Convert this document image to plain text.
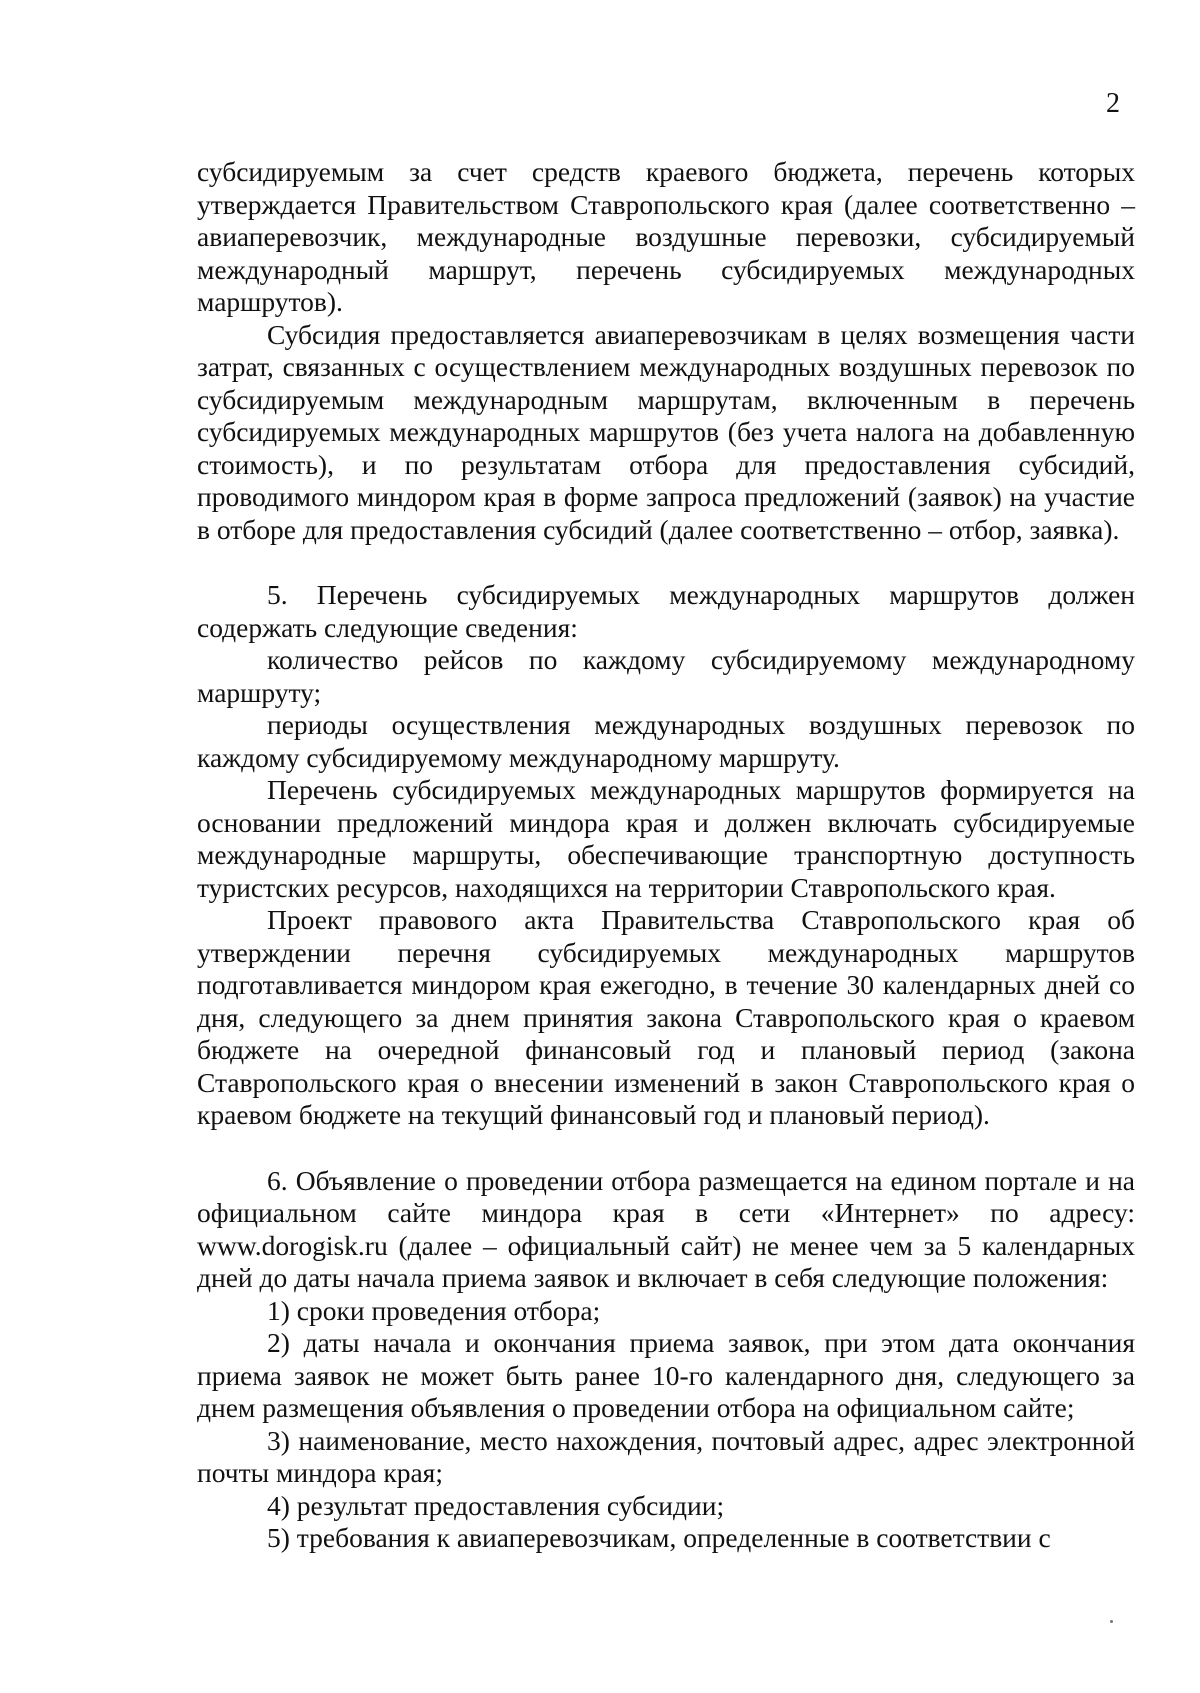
2

субсидируемым за счет средств краевого бюджета, перечень которых утверждается Правительством Ставропольского края (далее соответственно – авиаперевозчик, международные воздушные перевозки, субсидируемый международный маршрут, перечень субсидируемых международных маршрутов).

Субсидия предоставляется авиаперевозчикам в целях возмещения части затрат, связанных с осуществлением международных воздушных перевозок по субсидируемым международным маршрутам, включенным в перечень субсидируемых международных маршрутов (без учета налога на добавленную стоимость), и по результатам отбора для предоставления субсидий, проводимого миндором края в форме запроса предложений (заявок) на участие в отборе для предоставления субсидий (далее соответственно – отбор, заявка).

5. Перечень субсидируемых международных маршрутов должен содержать следующие сведения:

количество рейсов по каждому субсидируемому международному маршруту;

периоды осуществления международных воздушных перевозок по каждому субсидируемому международному маршруту.

Перечень субсидируемых международных маршрутов формируется на основании предложений миндора края и должен включать субсидируемые международные маршруты, обеспечивающие транспортную доступность туристских ресурсов, находящихся на территории Ставропольского края.

Проект правового акта Правительства Ставропольского края об утверждении перечня субсидируемых международных маршрутов подготавливается миндором края ежегодно, в течение 30 календарных дней со дня, следующего за днем принятия закона Ставропольского края о краевом бюджете на очередной финансовый год и плановый период (закона Ставропольского края о внесении изменений в закон Ставропольского края о краевом бюджете на текущий финансовый год и плановый период).

6. Объявление о проведении отбора размещается на едином портале и на официальном сайте миндора края в сети «Интернет» по адресу: www.dorogisk.ru (далее – официальный сайт) не менее чем за 5 календарных дней до даты начала приема заявок и включает в себя следующие положения:

1) сроки проведения отбора;

2) даты начала и окончания приема заявок, при этом дата окончания приема заявок не может быть ранее 10-го календарного дня, следующего за днем размещения объявления о проведении отбора на официальном сайте;

3) наименование, место нахождения, почтовый адрес, адрес электронной почты миндора края;

4) результат предоставления субсидии;

5) требования к авиаперевозчикам, определенные в соответствии с
